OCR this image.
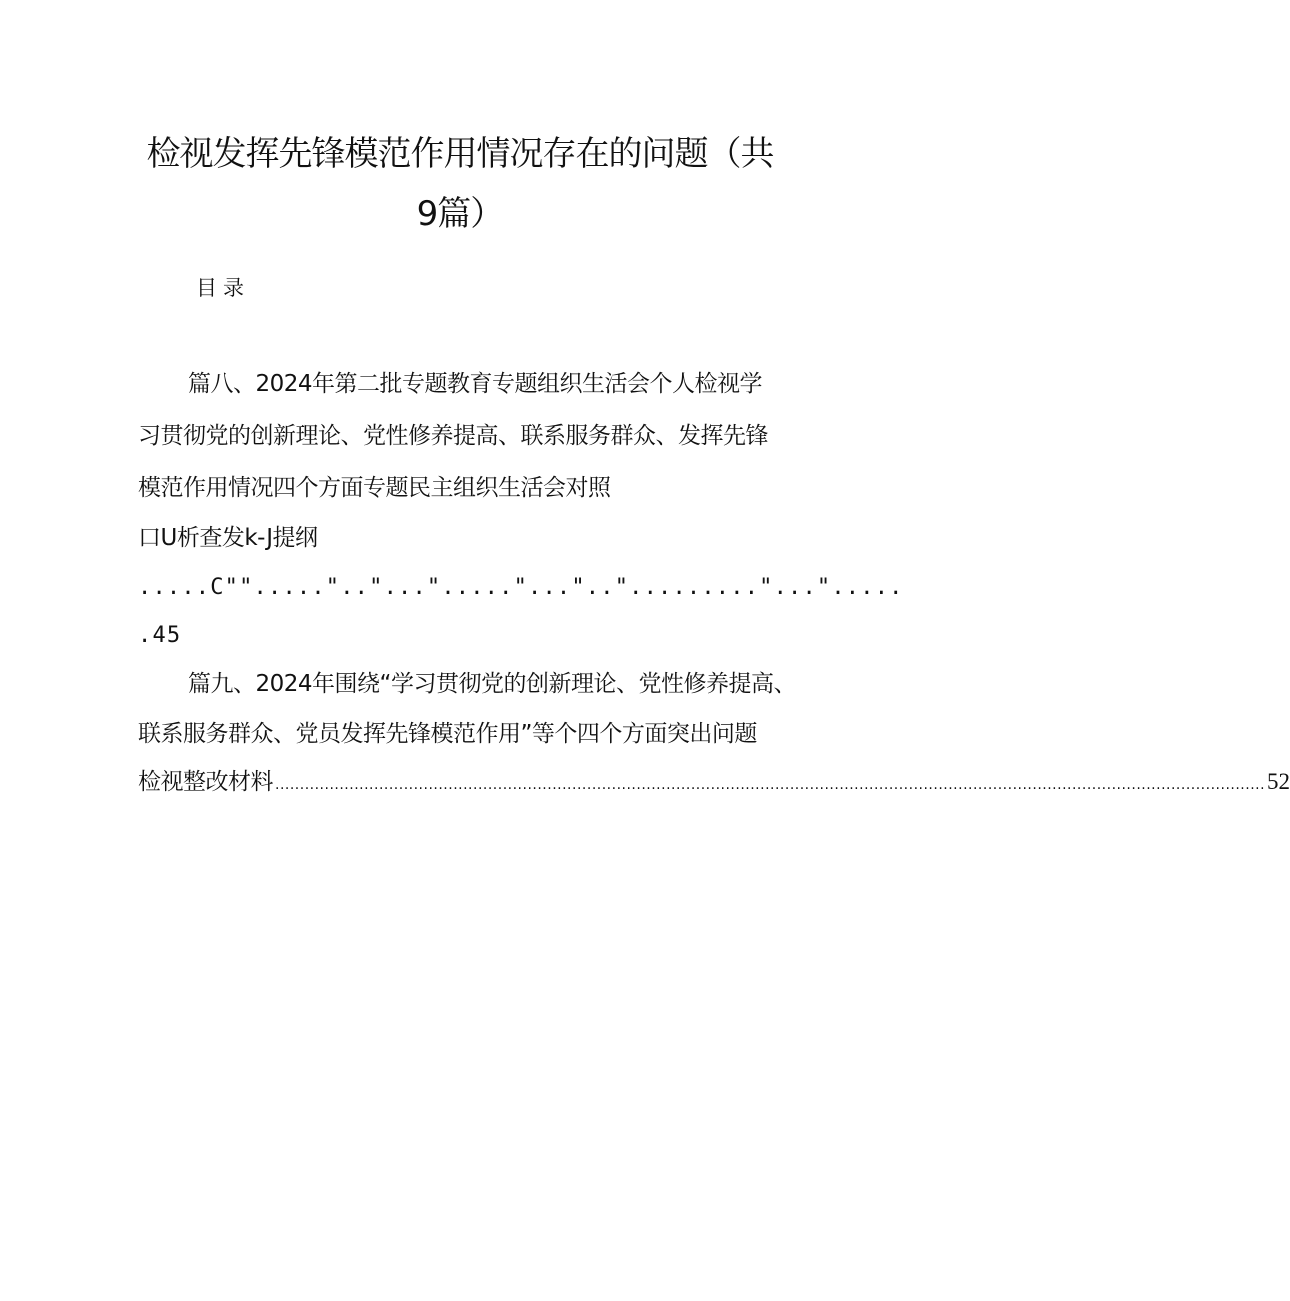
检视发挥先锋模范作用情况存在的问题（共
9篇）
目录
篇八、2024年第二批专题教育专题组织生活会个人检视学
习贯彻党的创新理论、党性修养提高、联系服务群众、发挥先锋
模范作用情况四个方面专题民主组织生活会对照
口U析查发k-J提纲
.....C"".....".."..."....."...".."........."...".....
.45
篇九、2024年围绕“学习贯彻党的创新理论、党性修养提高、
联系服务群众、党员发挥先锋模范作用”等个四个方面突出问题
检视整改材料 ........................................................................................................................................................................................................ 52
